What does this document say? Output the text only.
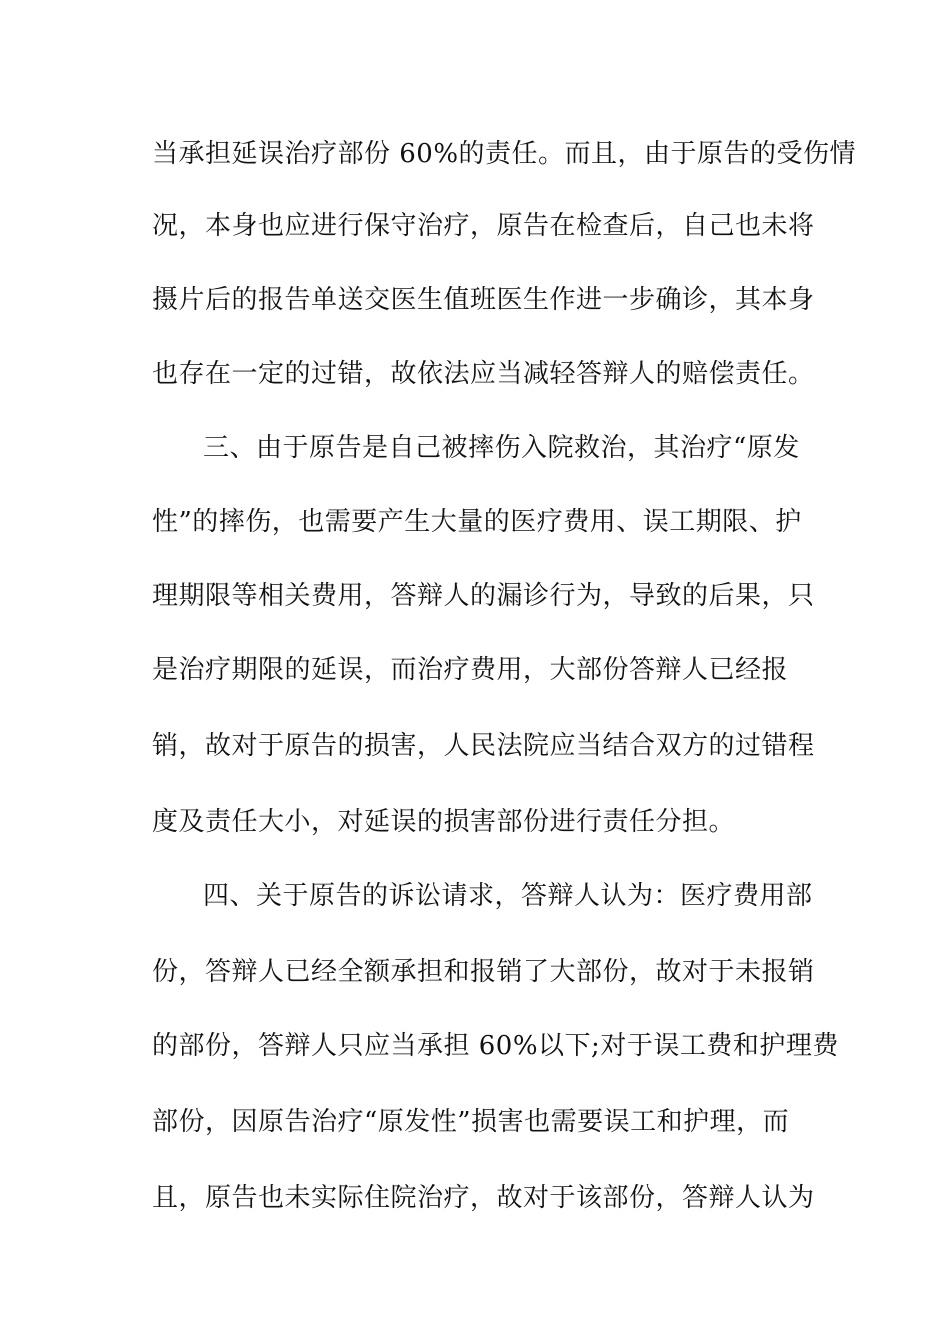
当承担延误治疗部份 60%的责任。而且，由于原告的受伤情
况，本身也应进行保守治疗，原告在检查后，自己也未将
摄片后的报告单送交医生值班医生作进一步确诊，其本身
也存在一定的过错，故依法应当减轻答辩人的赔偿责任。
三、由于原告是自己被摔伤入院救治，其治疗“原发
性”的摔伤，也需要产生大量的医疗费用、误工期限、护
理期限等相关费用，答辩人的漏诊行为，导致的后果，只
是治疗期限的延误，而治疗费用，大部份答辩人已经报
销，故对于原告的损害，人民法院应当结合双方的过错程
度及责任大小，对延误的损害部份进行责任分担。
四、关于原告的诉讼请求，答辩人认为：医疗费用部
份，答辩人已经全额承担和报销了大部份，故对于未报销
的部份，答辩人只应当承担 60%以下;对于误工费和护理费
部份，因原告治疗“原发性”损害也需要误工和护理，而
且，原告也未实际住院治疗，故对于该部份，答辩人认为
